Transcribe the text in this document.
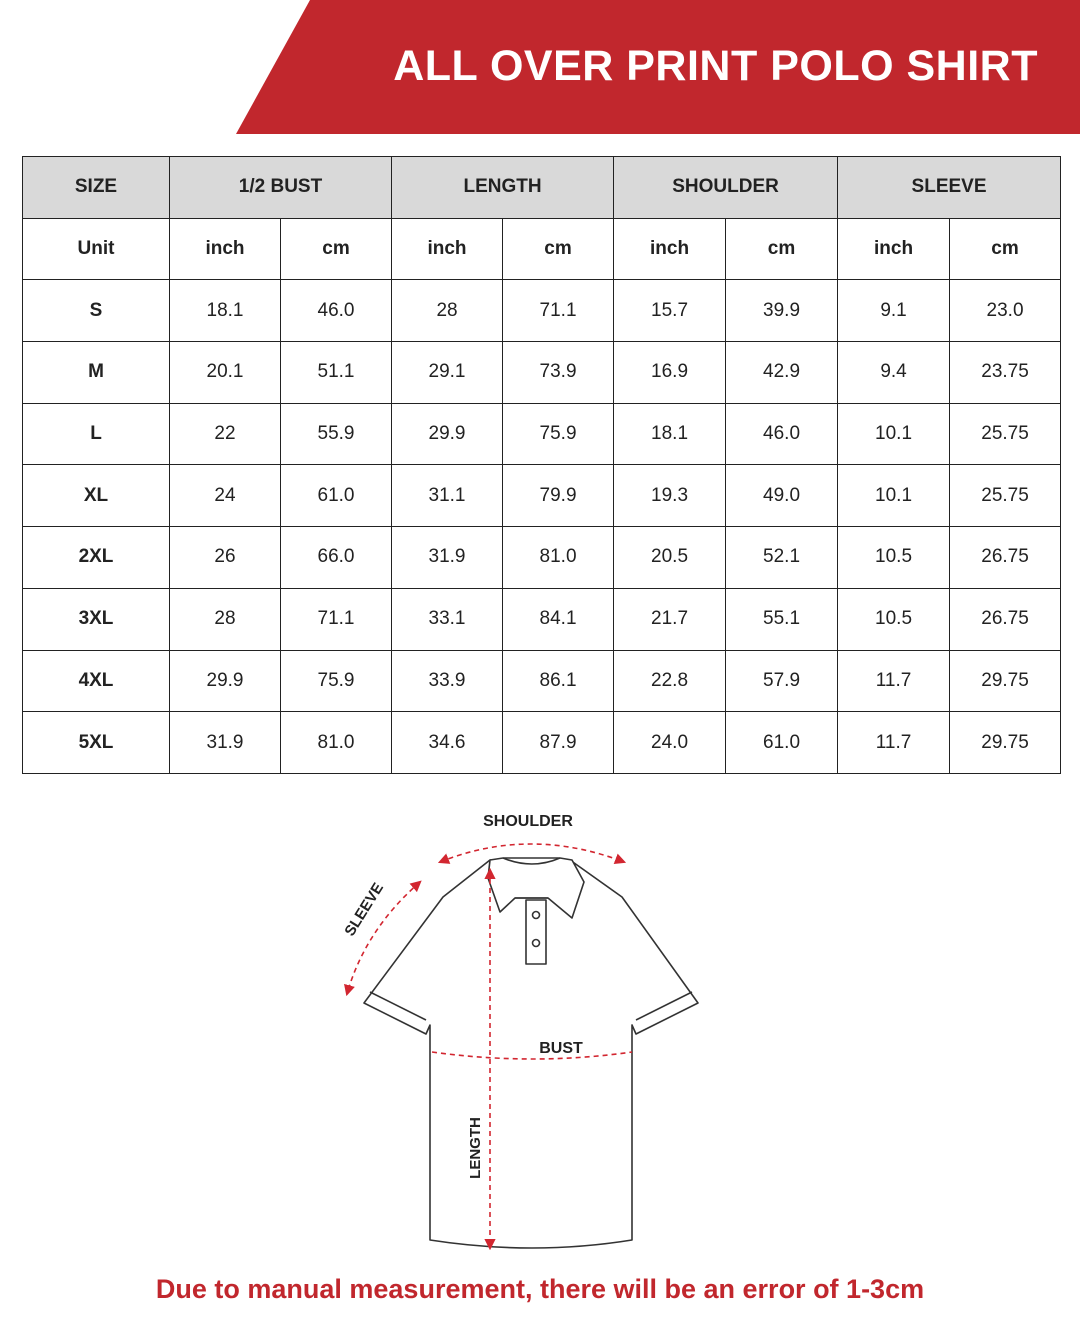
ALL OVER PRINT POLO SHIRT
SIZE	1/2 BUST		LENGTH		SHOULDER		SLEEVE	
Unit	inch	cm	inch	cm	inch	cm	inch	cm
S	18.1	46.0	28	71.1	15.7	39.9	9.1	23.0
M	20.1	51.1	29.1	73.9	16.9	42.9	9.4	23.75
L	22	55.9	29.9	75.9	18.1	46.0	10.1	25.75
XL	24	61.0	31.1	79.9	19.3	49.0	10.1	25.75
2XL	26	66.0	31.9	81.0	20.5	52.1	10.5	26.75
3XL	28	71.1	33.1	84.1	21.7	55.1	10.5	26.75
4XL	29.9	75.9	33.9	86.1	22.8	57.9	11.7	29.75
5XL	31.9	81.0	34.6	87.9	24.0	61.0	11.7	29.75
SHOULDER
SLEEVE
BUST
LENGTH
Due to manual measurement, there will be an error of 1-3cm
